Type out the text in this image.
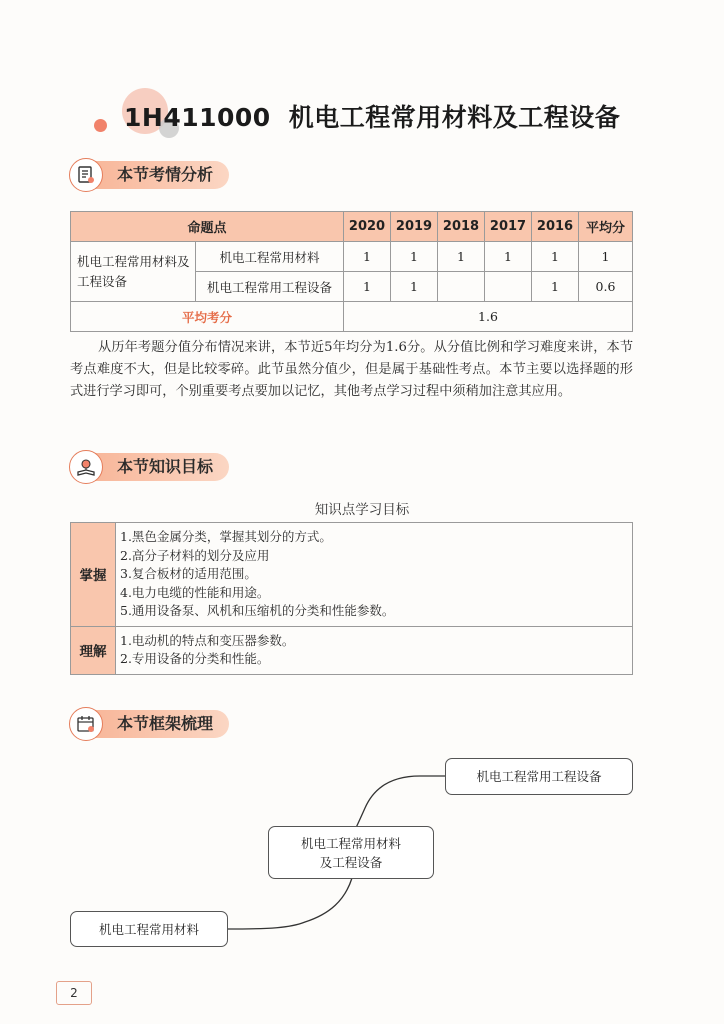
1H411000 机电工程常用材料及工程设备
本节考情分析
命题点		2020	2019	2018	2017	2016	平均分
机电工程常用材料及工程设备	机电工程常用材料	1	1	1	1	1	1
	机电工程常用工程设备	1	1			1	0.6
平均考分		1.6					
从历年考题分值分布情况来讲，本节近5年均分为1.6分。从分值比例和学习难度来讲，本节考点难度不大，但是比较零碎。此节虽然分值少，但是属于基础性考点。本节主要以选择题的形式进行学习即可，个别重要考点要加以记忆，其他考点学习过程中须稍加注意其应用。
本节知识目标
知识点学习目标
掌握	1.黑色金属分类，掌握其划分的方式。
2.高分子材料的划分及应用
3.复合板材的适用范围。
4.电力电缆的性能和用途。
5.通用设备泵、风机和压缩机的分类和性能参数。

理解	1.电动机的特点和变压器参数。
2.专用设备的分类和性能。
本节框架梳理
机电工程常用工程设备
机电工程常用材料
及工程设备
机电工程常用材料
2
